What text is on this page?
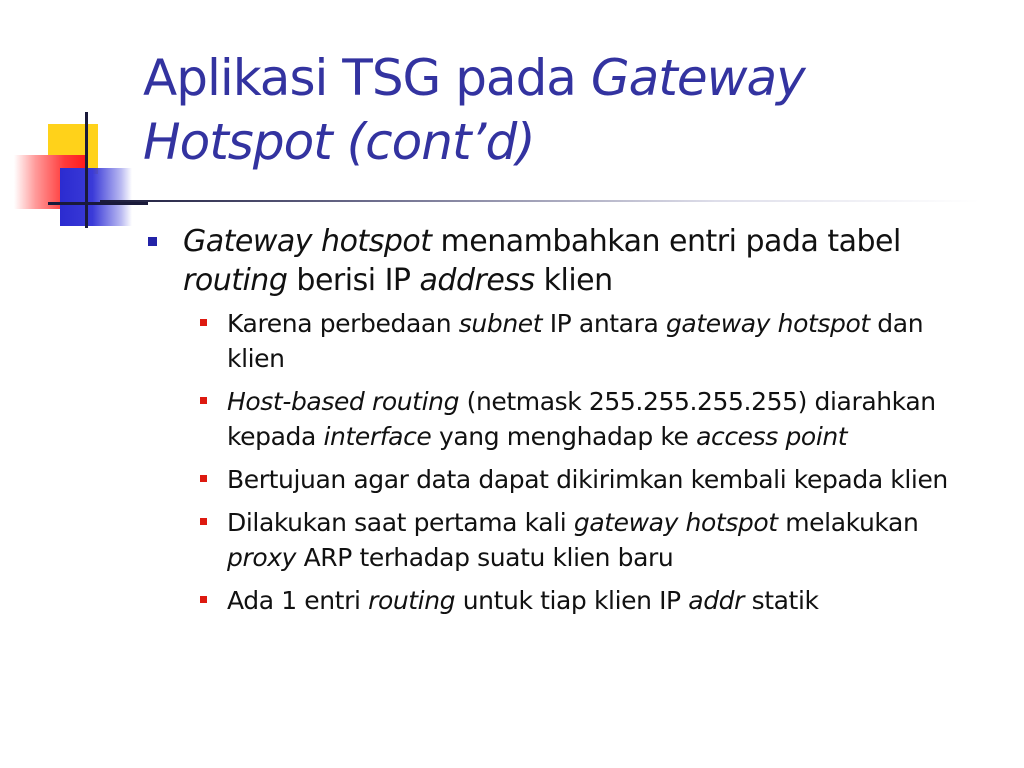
Aplikasi TSG pada Gateway Hotspot (cont’d)
Gateway hotspot menambahkan entri pada tabel routing berisi IP address klien
Karena perbedaan subnet IP antara gateway hotspot dan klien
Host-based routing (netmask 255.255.255.255) diarahkan kepada interface yang menghadap ke access point
Bertujuan agar data dapat dikirimkan kembali kepada klien
Dilakukan saat pertama kali gateway hotspot melakukan proxy ARP terhadap suatu klien baru
Ada 1 entri routing untuk tiap klien IP addr statik
